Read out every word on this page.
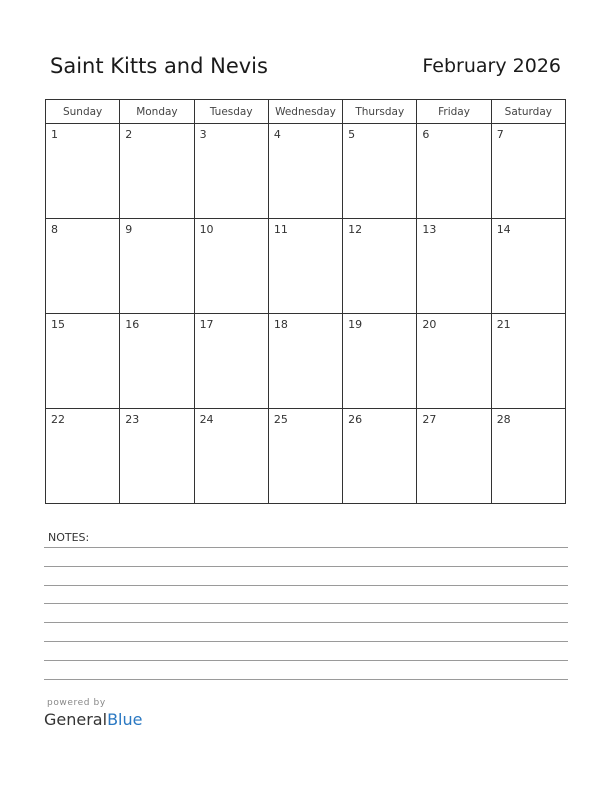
Saint Kitts and Nevis	February 2026
Sunday	Monday	Tuesday	Wednesday	Thursday	Friday	Saturday

1	2	3	4	5	6	7

8	9	10	11	12	13	14

15	16	17	18	19	20	21

22	23	24	25	26	27	28
NOTES:
powered by
GeneralBlue
